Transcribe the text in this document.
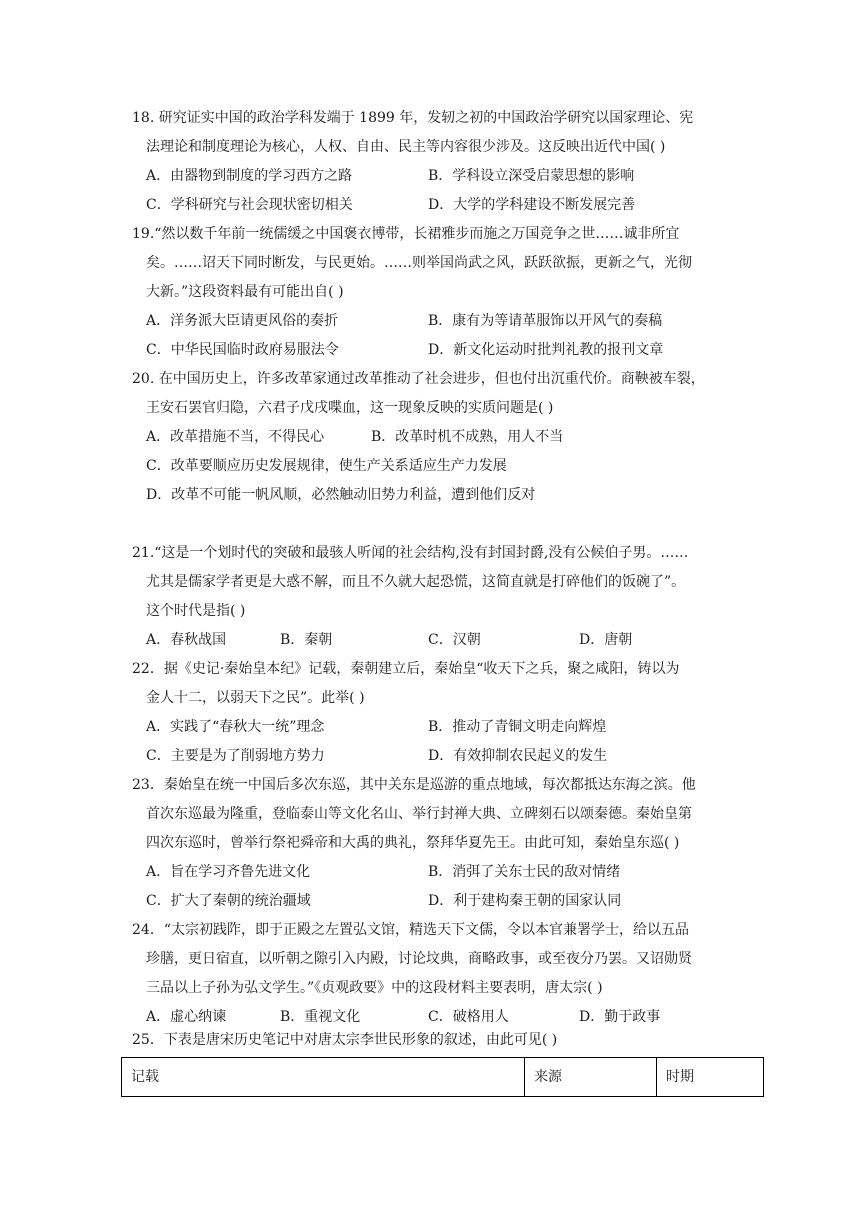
18. 研究证实中国的政治学科发端于 1899 年，发轫之初的中国政治学研究以国家理论、宪
法理论和制度理论为核心，人权、自由、民主等内容很少涉及。这反映出近代中国( )
A．由器物到制度的学习西方之路	B．学科设立深受启蒙思想的影响
C．学科研究与社会现状密切相关	D．大学的学科建设不断发展完善
19.“然以数千年前一统儒缓之中国褒衣博带，长裙雅步而施之万国竞争之世……诚非所宜
矣。……诏天下同时断发，与民更始。……则举国尚武之风，跃跃欲振，更新之气，光彻
大新。”这段资料最有可能出自( )
A．洋务派大臣请更风俗的奏折	B．康有为等请革服饰以开风气的奏稿
C．中华民国临时政府易服法令	D．新文化运动时批判礼教的报刊文章
20. 在中国历史上，许多改革家通过改革推动了社会进步，但也付出沉重代价。商鞅被车裂，
王安石罢官归隐，六君子戊戌喋血，这一现象反映的实质问题是( )
A．改革措施不当，不得民心	B．改革时机不成熟，用人不当
C．改革要顺应历史发展规律，使生产关系适应生产力发展
D．改革不可能一帆风顺，必然触动旧势力利益，遭到他们反对
21.“这是一个划时代的突破和最骇人听闻的社会结构,没有封国封爵,没有公候伯子男。……
尤其是儒家学者更是大惑不解，而且不久就大起恐慌，这简直就是打碎他们的饭碗了”。
这个时代是指( )
A．春秋战国	B．秦朝	C．汉朝	D．唐朝
22．据《史记·秦始皇本纪》记载，秦朝建立后，秦始皇“收天下之兵，聚之咸阳，铸以为
金人十二，以弱天下之民”。此举( )
A．实践了“春秋大一统”理念	B．推动了青铜文明走向辉煌
C．主要是为了削弱地方势力	D．有效抑制农民起义的发生
23．秦始皇在统一中国后多次东巡，其中关东是巡游的重点地域，每次都抵达东海之滨。他
首次东巡最为隆重，登临泰山等文化名山、举行封禅大典、立碑刻石以颂秦德。秦始皇第
四次东巡时，曾举行祭祀舜帝和大禹的典礼，祭拜华夏先王。由此可知，秦始皇东巡( )
A．旨在学习齐鲁先进文化	B．消弭了关东士民的敌对情绪
C．扩大了秦朝的统治疆域	D．利于建构秦王朝的国家认同
24．“太宗初践阼，即于正殿之左置弘文馆，精选天下文儒，令以本官兼署学士，给以五品
珍膳，更日宿直，以听朝之隙引入内殿，讨论坟典，商略政事，或至夜分乃罢。又诏勋贤
三品以上子孙为弘文学生。”《贞观政要》中的这段材料主要表明，唐太宗( )
A．虚心纳谏	B．重视文化	C．破格用人	D．勤于政事
25．下表是唐宋历史笔记中对唐太宗李世民形象的叙述，由此可见( )
记载	来源	时期
